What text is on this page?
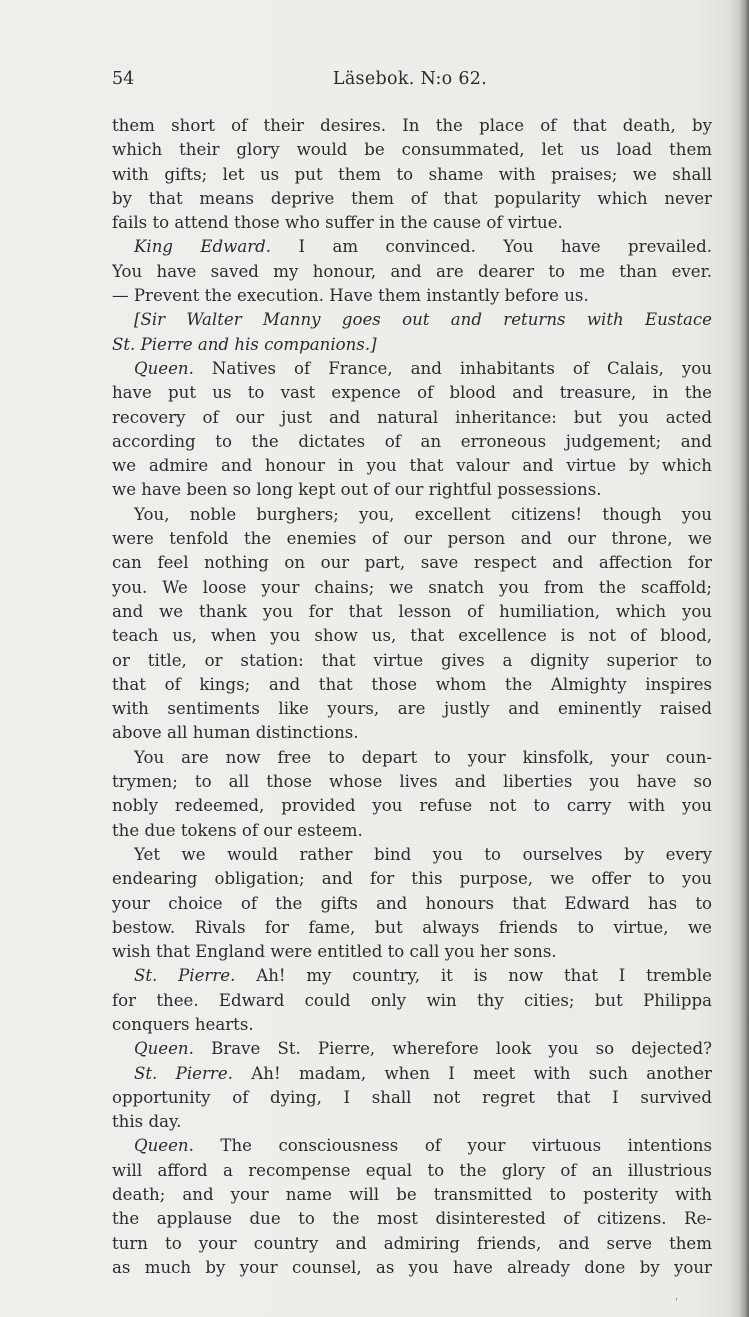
54	Läsebok. N:o 62.
them short of their desires. In the place of that death, by
which their glory would be consummated, let us load them
with gifts; let us put them to shame with praises; we shall
by that means deprive them of that popularity which never
fails to attend those who suffer in the cause of virtue.
King Edward. I am convinced. You have prevailed.
You have saved my honour, and are dearer to me than ever.
— Prevent the execution. Have them instantly before us.
[Sir Walter Manny goes out and returns with Eustace
St. Pierre and his companions.]
Queen. Natives of France, and inhabitants of Calais, you
have put us to vast expence of blood and treasure, in the
recovery of our just and natural inheritance: but you acted
according to the dictates of an erroneous judgement; and
we admire and honour in you that valour and virtue by which
we have been so long kept out of our rightful possessions.
You, noble burghers; you, excellent citizens! though you
were tenfold the enemies of our person and our throne, we
can feel nothing on our part, save respect and affection for
you. We loose your chains; we snatch you from the scaffold;
and we thank you for that lesson of humiliation, which you
teach us, when you show us, that excellence is not of blood,
or title, or station: that virtue gives a dignity superior to
that of kings; and that those whom the Almighty inspires
with sentiments like yours, are justly and eminently raised
above all human distinctions.
You are now free to depart to your kinsfolk, your coun-
trymen; to all those whose lives and liberties you have so
nobly redeemed, provided you refuse not to carry with you
the due tokens of our esteem.
Yet we would rather bind you to ourselves by every
endearing obligation; and for this purpose, we offer to you
your choice of the gifts and honours that Edward has to
bestow. Rivals for fame, but always friends to virtue, we
wish that England were entitled to call you her sons.
St. Pierre. Ah! my country, it is now that I tremble
for thee. Edward could only win thy cities; but Philippa
conquers hearts.
Queen. Brave St. Pierre, wherefore look you so dejected?
St. Pierre. Ah! madam, when I meet with such another
opportunity of dying, I shall not regret that I survived
this day.
Queen. The consciousness of your virtuous intentions
will afford a recompense equal to the glory of an illustrious
death; and your name will be transmitted to posterity with
the applause due to the most disinterested of citizens. Re-
turn to your country and admiring friends, and serve them
as much by your counsel, as you have already done by your
ʹ
